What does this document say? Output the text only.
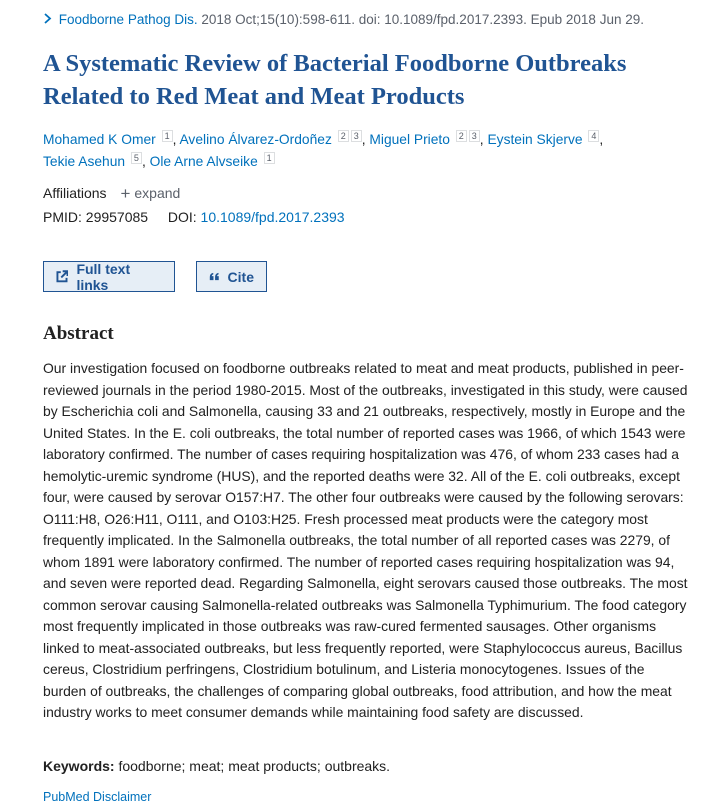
Foodborne Pathog Dis. 2018 Oct;15(10):598-611. doi: 10.1089/fpd.2017.2393. Epub 2018 Jun 29.
A Systematic Review of Bacterial Foodborne Outbreaks Related to Red Meat and Meat Products
Mohamed K Omer $^1$ , Avelino Álvarez-Ordoñez $^2$ $^3$ , Miguel Prieto $^2$ $^3$ , Eystein Skjerve $^4$ ,
Tekie Asehun $^5$ , Ole Arne Alvseike $^1$
Affiliations + expand
PMID: 29957085 DOI: 10.1089/fpd.2017.2393
Full text links	Cite
Abstract

Our investigation focused on foodborne outbreaks related to meat and meat products, published in peer-reviewed journals in the period 1980-2015. Most of the outbreaks, investigated in this study, were caused by Escherichia coli and Salmonella, causing 33 and 21 outbreaks, respectively, mostly in Europe and the United States. In the E. coli outbreaks, the total number of reported cases was 1966, of which 1543 were laboratory confirmed. The number of cases requiring hospitalization was 476, of whom 233 cases had a hemolytic-uremic syndrome (HUS), and the reported deaths were 32. All of the E. coli outbreaks, except four, were caused by serovar O157:H7. The other four outbreaks were caused by the following serovars: O111:H8, O26:H11, O111, and O103:H25. Fresh processed meat products were the category most frequently implicated. In the Salmonella outbreaks, the total number of all reported cases was 2279, of whom 1891 were laboratory confirmed. The number of reported cases requiring hospitalization was 94, and seven were reported dead. Regarding Salmonella, eight serovars caused those outbreaks. The most common serovar causing Salmonella-related outbreaks was Salmonella Typhimurium. The food category most frequently implicated in those outbreaks was raw-cured fermented sausages. Other organisms linked to meat-associated outbreaks, but less frequently reported, were Staphylococcus aureus, Bacillus cereus, Clostridium perfringens, Clostridium botulinum, and Listeria monocytogenes. Issues of the burden of outbreaks, the challenges of comparing global outbreaks, food attribution, and how the meat industry works to meet consumer demands while maintaining food safety are discussed.

Keywords: foodborne; meat; meat products; outbreaks.
PubMed Disclaimer
